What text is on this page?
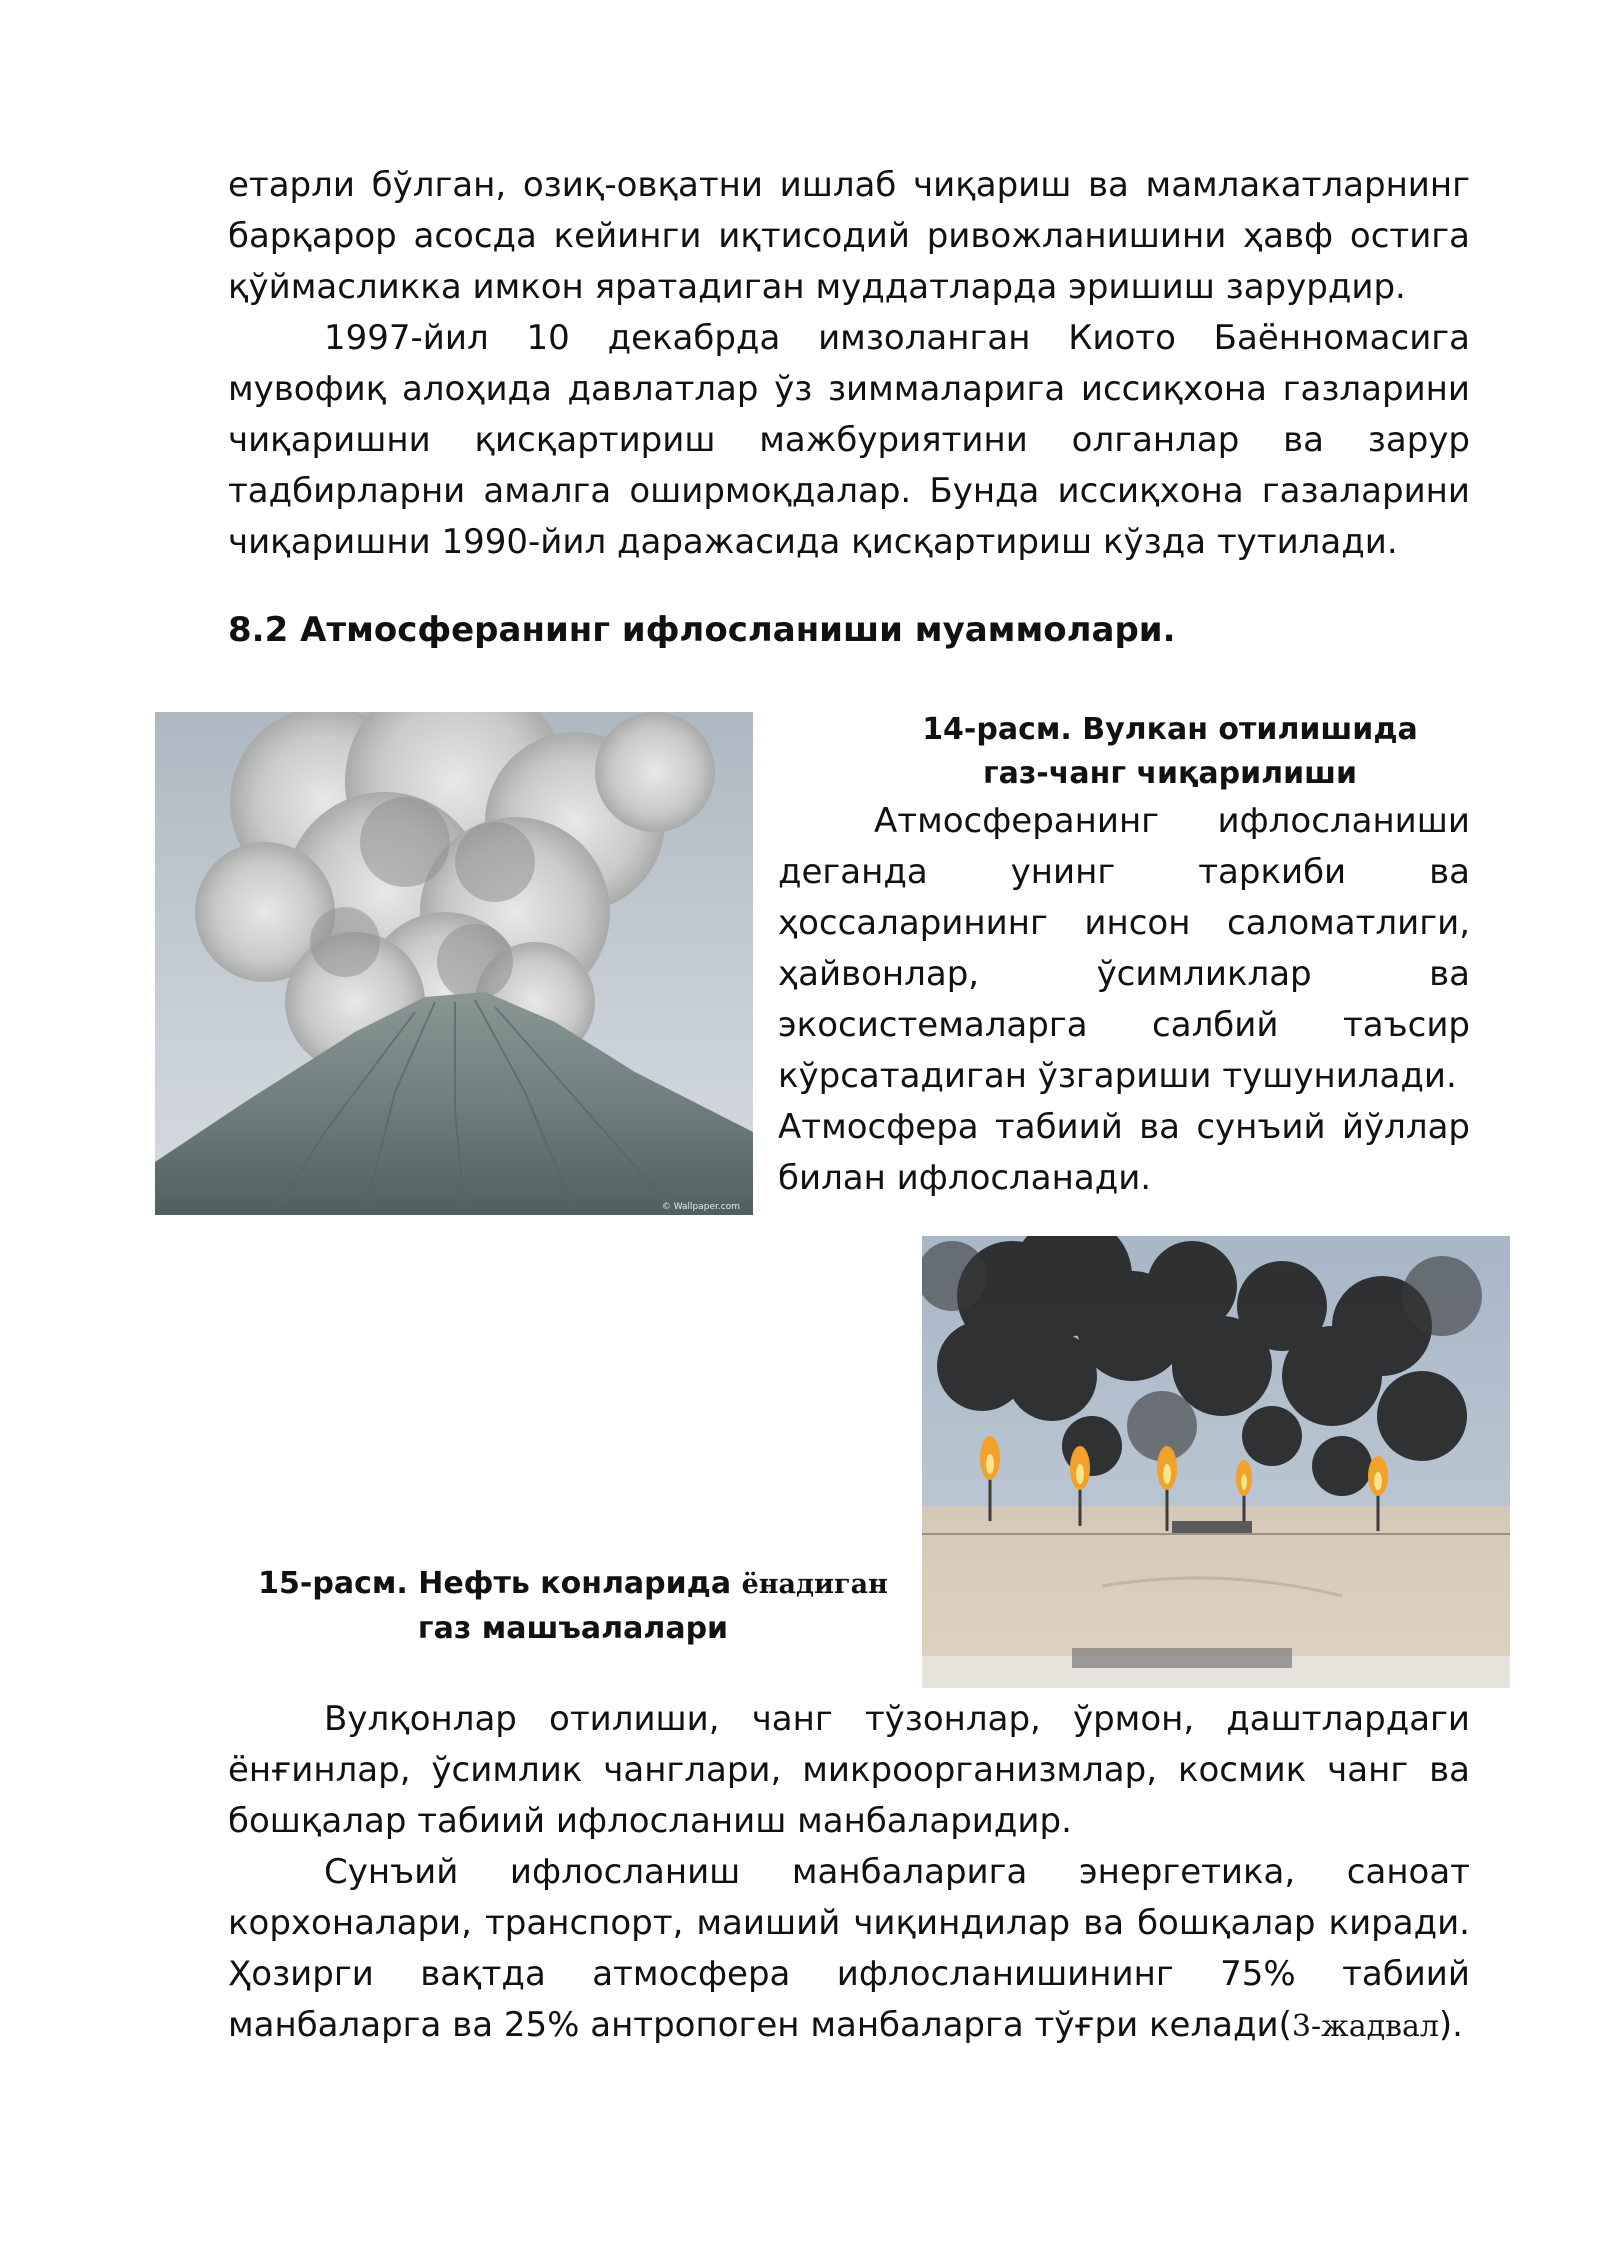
етарли бўлган, озиқ-овқатни ишлаб чиқариш ва мамлакатларнинг барқарор асосда кейинги иқтисодий ривожланишини ҳавф остига қўймасликка имкон яратадиган муддатларда эришиш зарурдир.

1997-йил 10 декабрда имзоланган Киото Баённомасига мувофиқ алоҳида давлатлар ўз зиммаларига иссиқхона газларини чиқаришни қисқартириш мажбуриятини олганлар ва зарур тадбирларни амалга оширмоқдалар. Бунда иссиқхона газаларини чиқаришни 1990-йил даражасида қисқартириш кўзда тутилади.

8.2 Атмосферанинг ифлосланиши муаммолари.

© Wallpaper.com

14-расм. Вулкан отилишида
газ-чанг чиқарилиши

Атмосферанинг ифлосланиши деганда унинг таркиби ва ҳоссаларининг инсон саломатлиги, ҳайвонлар, ўсимликлар ва экосистемаларга салбий таъсир кўрсатадиган ўзгариши тушунилади.
Атмосфера табиий ва сунъий йўллар билан ифлосланади.

15-расм. Нефть конларида ёнадиган
газ машъалалари

Вулқонлар отилиши, чанг тўзонлар, ўрмон, даштлардаги ёнғинлар, ўсимлик чанглари, микроорганизмлар, космик чанг ва бошқалар табиий ифлосланиш манбаларидир.

Сунъий ифлосланиш манбаларига энергетика, саноат корхоналари, транспорт, маиший чиқиндилар ва бошқалар киради. Ҳозирги вақтда атмосфера ифлосланишининг 75% табиий манбаларга ва 25% антропоген манбаларга тўғри келади(3-жадвал).
